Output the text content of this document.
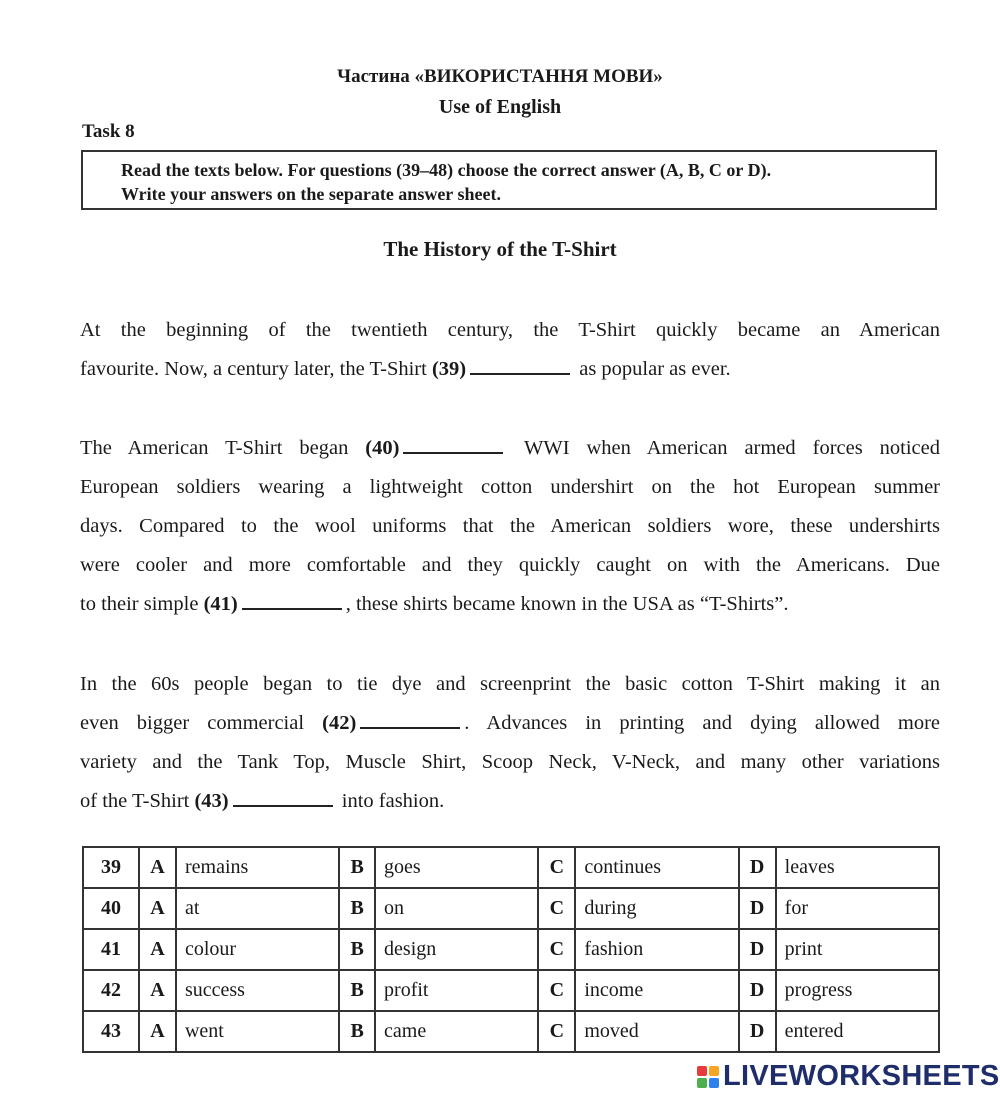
Частина «ВИКОРИСТАННЯ МОВИ»
Use of English
Task 8
Read the texts below. For questions (39–48) choose the correct answer (A, B, C or D).
Write your answers on the separate answer sheet.
The History of the T-Shirt
At the beginning of the twentieth century, the T-Shirt quickly became an American
favourite. Now, a century later, the T-Shirt (39)	as popular as ever.
The American T-Shirt began (40)	WWI when American armed forces noticed
European soldiers wearing a lightweight cotton undershirt on the hot European summer
days. Compared to the wool uniforms that the American soldiers wore, these undershirts
were cooler and more comfortable and they quickly caught on with the Americans. Due
to their simple (41)	, these shirts became known in the USA as “T-Shirts”.
In the 60s people began to tie dye and screenprint the basic cotton T-Shirt making it an
even bigger commercial (42)	. Advances in printing and dying allowed more
variety and the Tank Top, Muscle Shirt, Scoop Neck, V-Neck, and many other variations
of the T-Shirt (43)	into fashion.
39	A	remains	B	goes	C	continues	D	leaves
40	A	at	B	on	C	during	D	for
41	A	colour	B	design	C	fashion	D	print
42	A	success	B	profit	C	income	D	progress
43	A	went	B	came	C	moved	D	entered
LIVEWORKSHEETS
